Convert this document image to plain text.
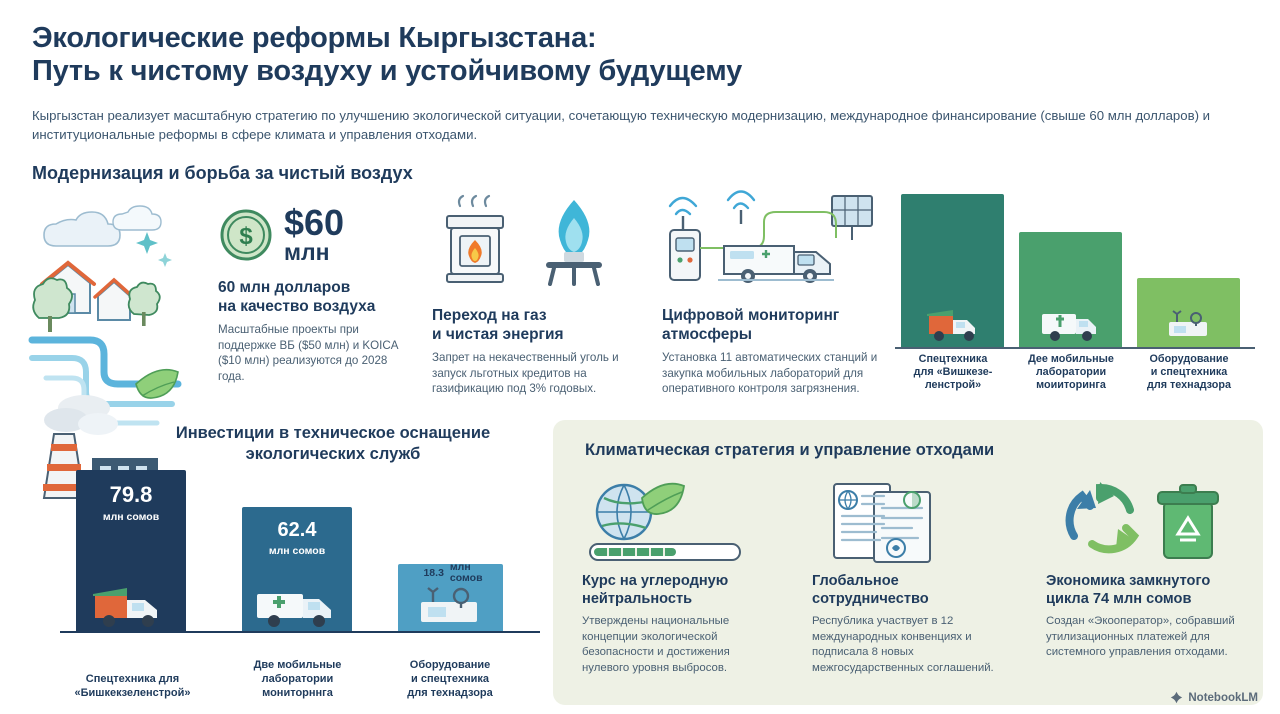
Экологические реформы Кыргызстана:
Путь к чистому воздуху и устойчивому будущему
Кыргызстан реализует масштабную стратегию по улучшению экологической ситуации, сочетающую техническую модернизацию, международное финансирование (свыше 60 млн долларов) и институциональные реформы в сфере климата и управления отходами.
Модернизация и борьба за чистый воздух
$ $60
млн
60 млн долларов
на качество воздуха
Масштабные проекты при поддержке ВБ ($50 млн) и KOICA ($10 млн) реализуются до 2028 года.
Переход на газ
и чистая энергия
Запрет на некачественный уголь и запуск льготных кредитов на газификацию под 3% годовых.
Цифровой мониторинг
атмосферы
Установка 11 автоматических станций и закупка мобильных лабораторий для оперативного контроля загрязнения.
Спецтехника
для «Вишкезе-
ленстрой»
Дее мобильные
лаборатории
моииторинга
Оборудование
и спецтехника
для технадзора
Инвестиции в техническое оснащение
экологических служб
79.8
млн сомов
62.4
млн сомов
18.3 млн
сомов
Спецтехника для
«Бишкекзеленстрой»
Две мобильные
лаборатории
мониторннга
Оборудование
и спецтехника
для технадзора
Климатическая стратегия и управление отходами
Курс на углеродную
нейтральность
Утверждены национальные концепции экологической безопасности и достижения нулевого уровня выбросов.
Глобальное
сотрудничество
Республика участвует в 12 международных конвенциях и подписала 8 новых межгосударственных соглашений.
Экономика замкнутого
цикла 74 млн сомов
Создан «Экооператор», собравший утилизационных платежей для системного управления отходами.
NotebookLM
